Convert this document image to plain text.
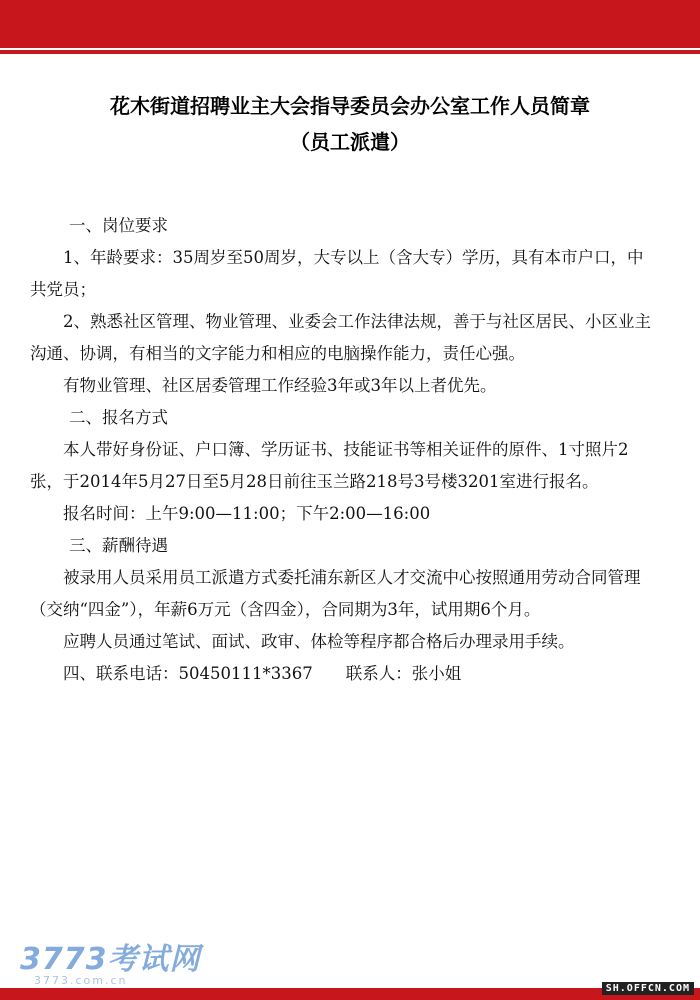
花木街道招聘业主大会指导委员会办公室工作人员简章
（员工派遣）

一、岗位要求

1、年龄要求：35周岁至50周岁，大专以上（含大专）学历，具有本市户口，中共党员；

2、熟悉社区管理、物业管理、业委会工作法律法规，善于与社区居民、小区业主沟通、协调，有相当的文字能力和相应的电脑操作能力，责任心强。

有物业管理、社区居委管理工作经验3年或3年以上者优先。

二、报名方式

本人带好身份证、户口簿、学历证书、技能证书等相关证件的原件、1寸照片2张，于2014年5月27日至5月28日前往玉兰路218号3号楼3201室进行报名。

报名时间：上午9:00—11:00；下午2:00—16:00

三、薪酬待遇

被录用人员采用员工派遣方式委托浦东新区人才交流中心按照通用劳动合同管理（交纳“四金”），年薪6万元（含四金），合同期为3年，试用期6个月。

应聘人员通过笔试、面试、政审、体检等程序都合格后办理录用手续。

四、联系电话：50450111*3367　　联系人：张小姐

3773考试网
3773.com.cn
SH.OFFCN.COM
